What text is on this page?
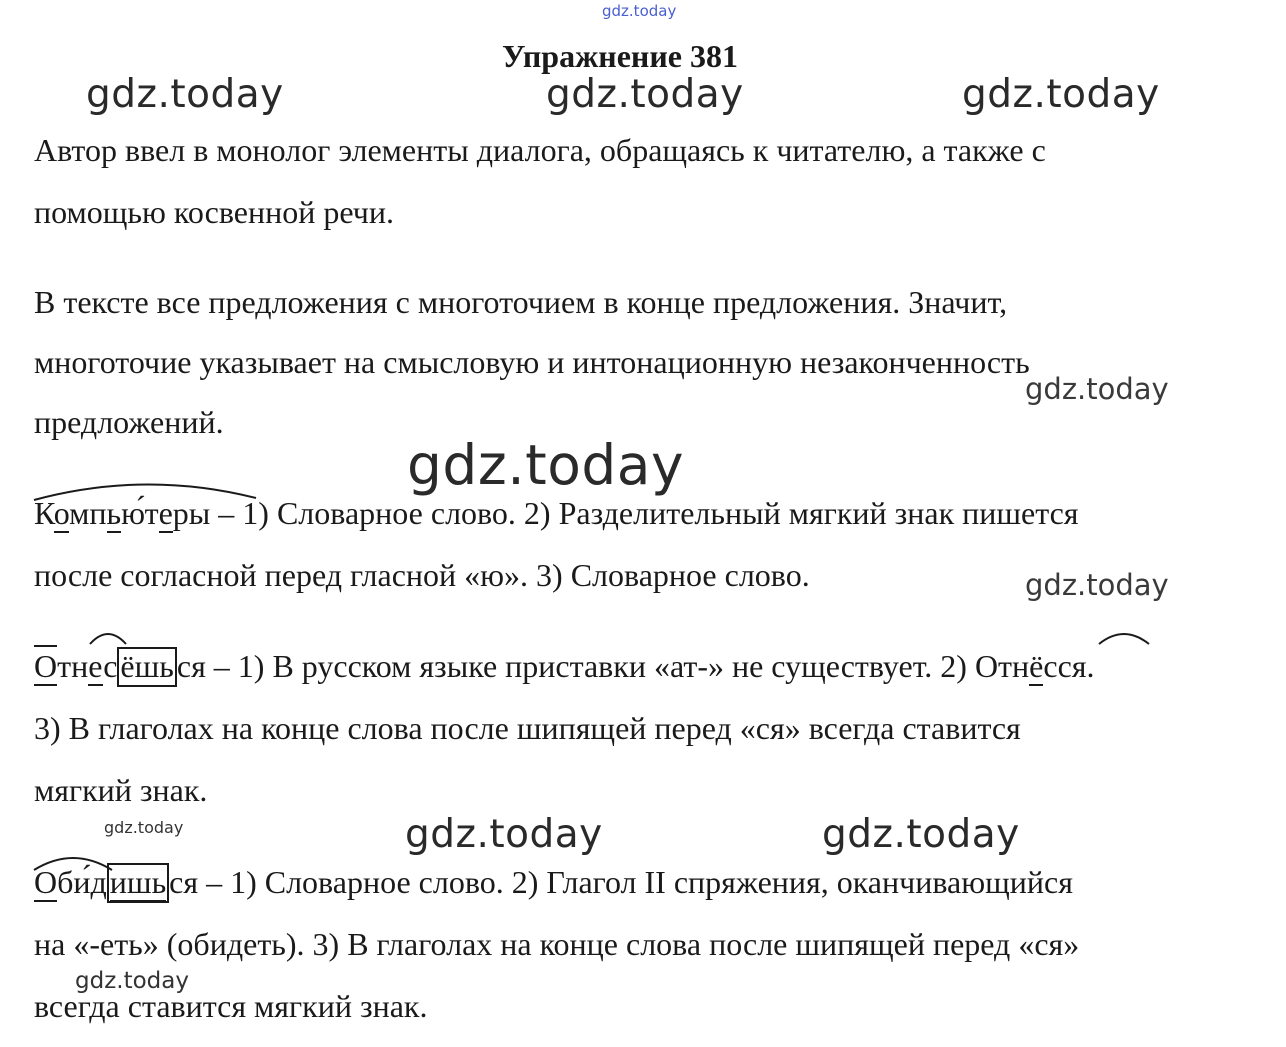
gdz.today
gdz.today	gdz.today	gdz.today
gdz.today
gdz.today
gdz.today
gdz.today	gdz.today	gdz.today
gdz.today
Упражнение 381
Автор ввел в монолог элементы диалога, обращаясь к читателю, а также с
помощью косвенной речи.
В тексте все предложения с многоточием в конце предложения. Значит,
многоточие указывает на смысловую и интонационную незаконченность
предложений.
Компьютеры – 1) Словарное слово. 2) Разделительный мягкий знак пишется
после согласной перед гласной «ю». 3) Словарное слово.
Отнесёшься – 1) В русском языке приставки «ат-» не существует. 2) Отнёсся.
3) В глаголах на конце слова после шипящей перед «ся» всегда ставится
мягкий знак.
Обидишься – 1) Словарное слово. 2) Глагол II спряжения, оканчивающийся
на «-еть» (обидеть). 3) В глаголах на конце слова после шипящей перед «ся»
всегда ставится мягкий знак.
